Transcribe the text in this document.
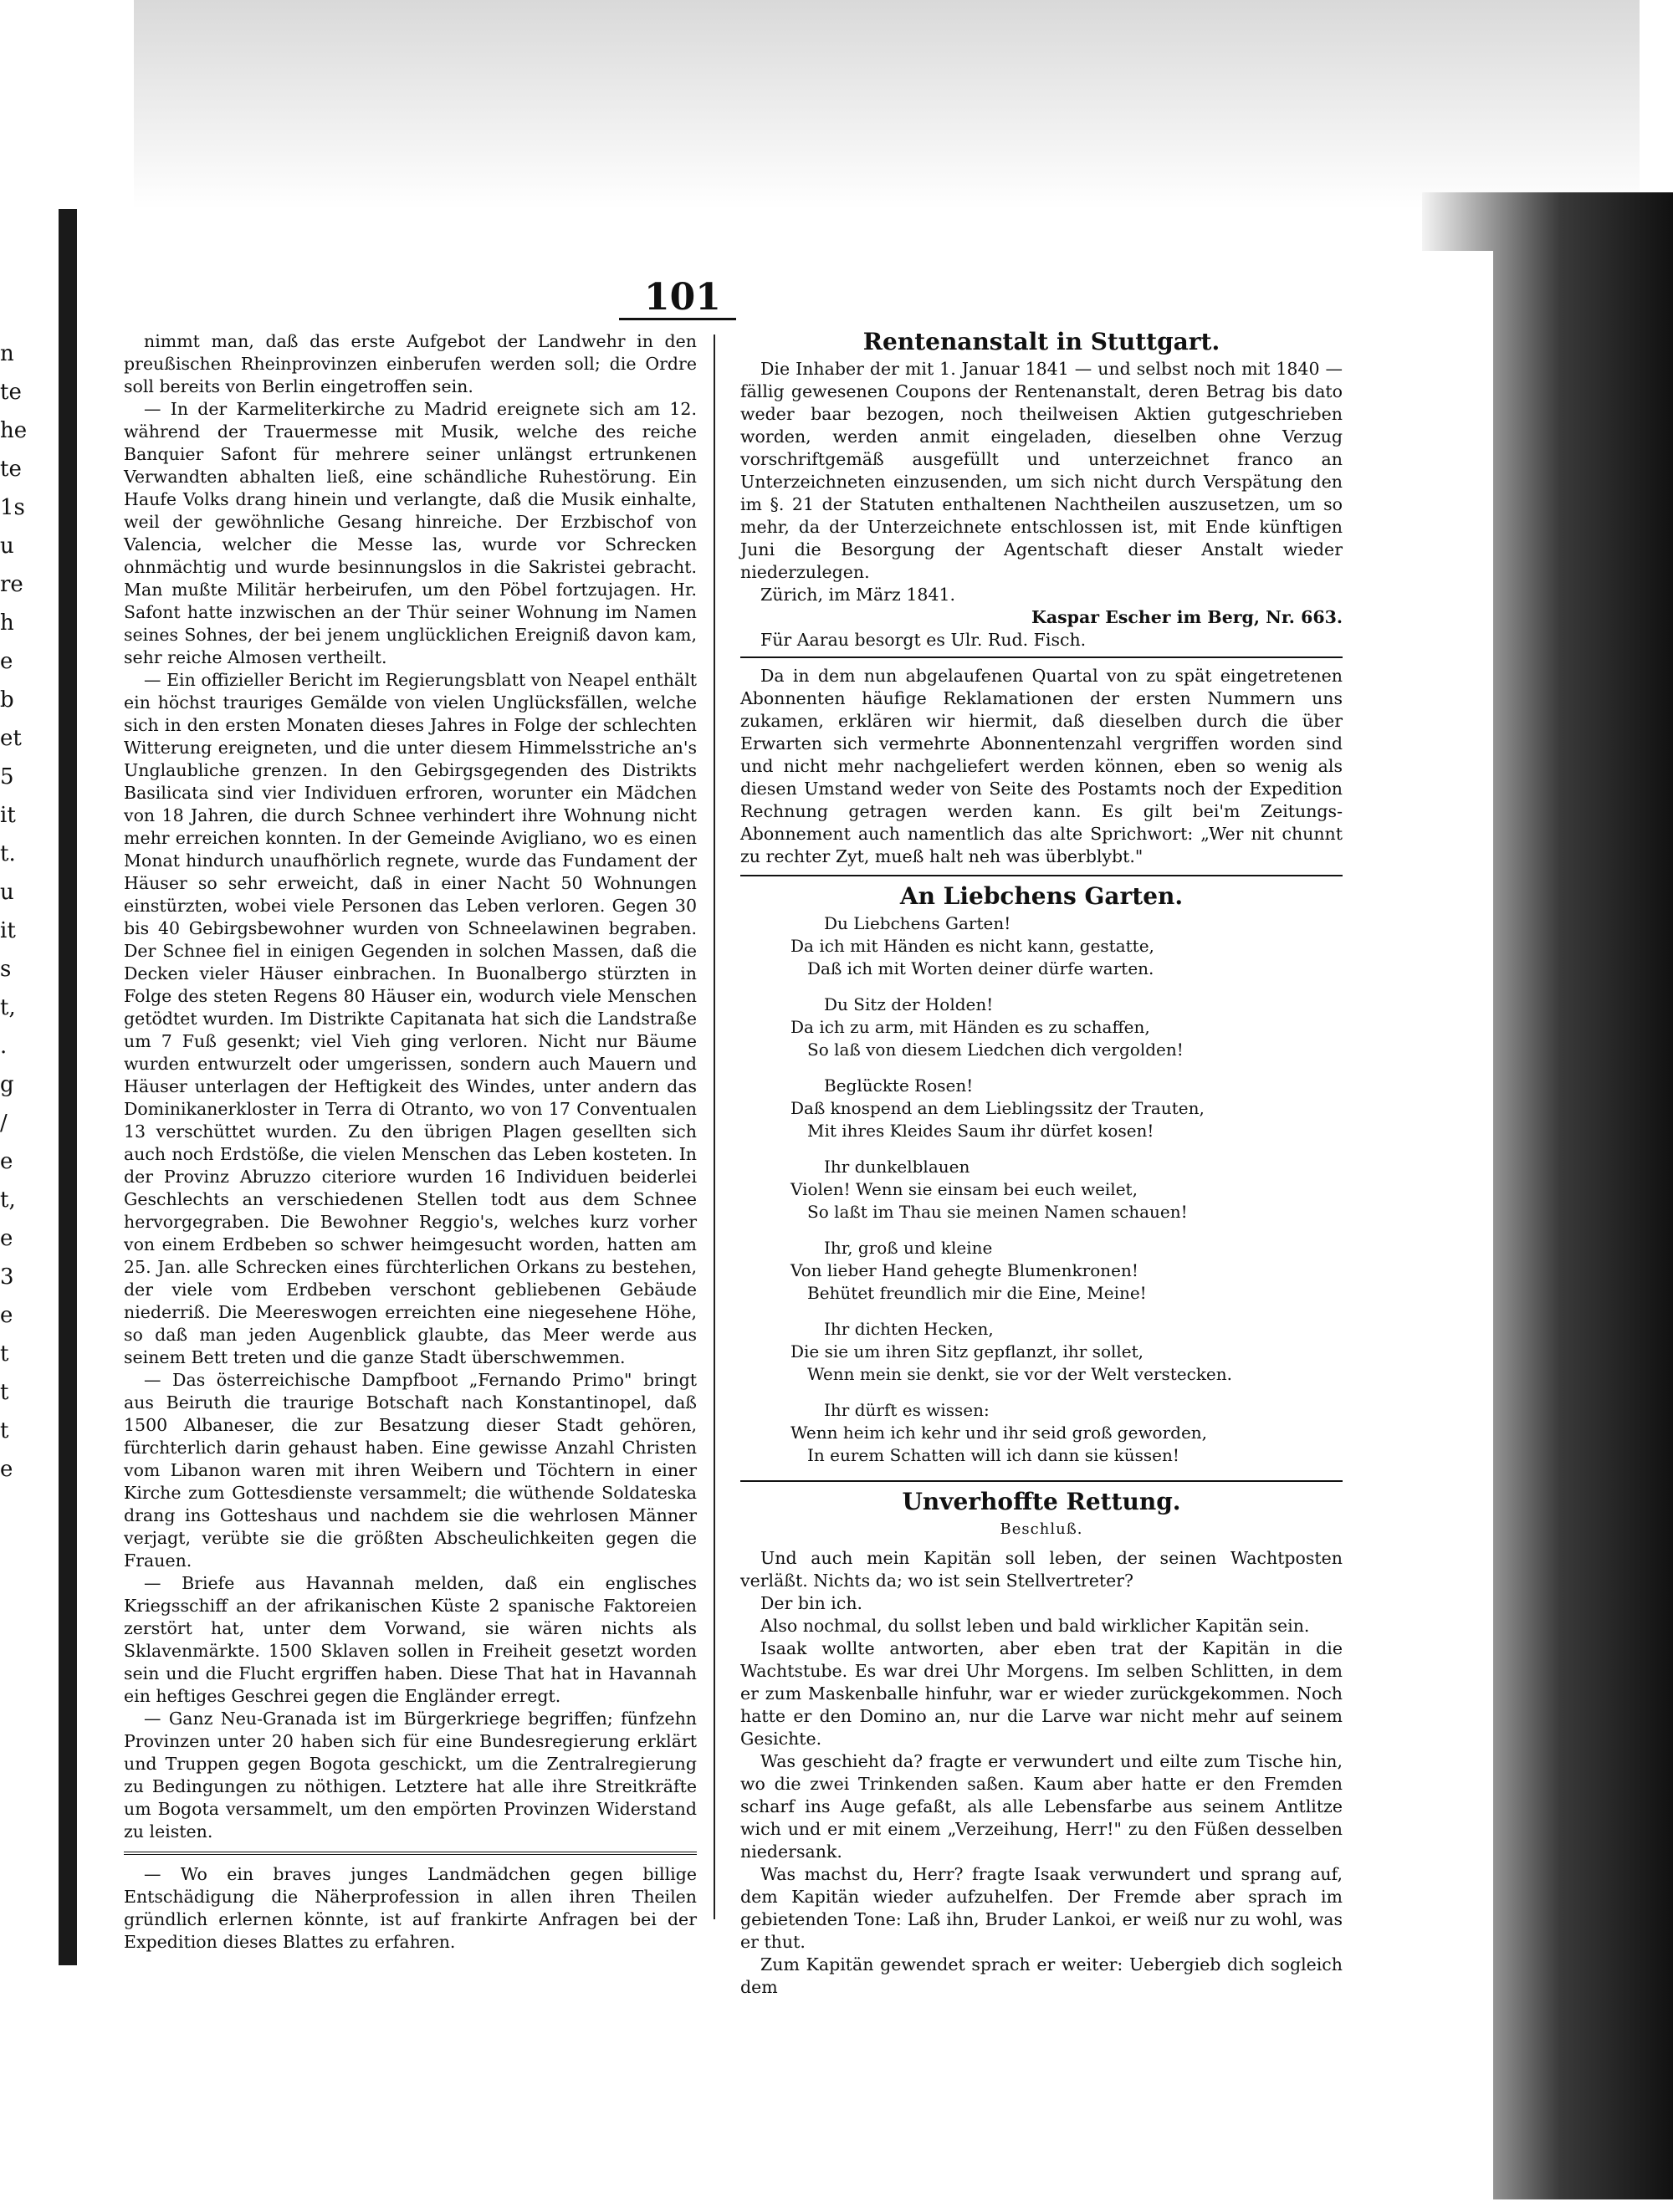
n
te
he
te
1s
u
re
h
e
b
et
5
it
t.
u
it
s
t,
.
g
/
e
t,
e
3
e
t
t
t
e
101

nimmt man, daß das erste Aufgebot der Landwehr in den preußischen Rheinprovinzen einberufen werden soll; die Ordre soll bereits von Berlin eingetroffen sein.

— In der Karmeliterkirche zu Madrid ereignete sich am 12. während der Trauermesse mit Musik, welche des reiche Banquier Safont für mehrere seiner unlängst ertrunkenen Verwandten abhalten ließ, eine schändliche Ruhestörung. Ein Haufe Volks drang hinein und verlangte, daß die Musik einhalte, weil der gewöhnliche Gesang hinreiche. Der Erzbischof von Valencia, welcher die Messe las, wurde vor Schrecken ohnmächtig und wurde besinnungslos in die Sakristei gebracht. Man mußte Militär herbeirufen, um den Pöbel fortzujagen. Hr. Safont hatte inzwischen an der Thür seiner Wohnung im Namen seines Sohnes, der bei jenem unglücklichen Ereigniß davon kam, sehr reiche Almosen vertheilt.

— Ein offizieller Bericht im Regierungsblatt von Neapel enthält ein höchst trauriges Gemälde von vielen Unglücksfällen, welche sich in den ersten Monaten dieses Jahres in Folge der schlechten Witterung ereigneten, und die unter diesem Himmelsstriche an's Unglaubliche grenzen. In den Gebirgsgegenden des Distrikts Basilicata sind vier Individuen erfroren, worunter ein Mädchen von 18 Jahren, die durch Schnee verhindert ihre Wohnung nicht mehr erreichen konnten. In der Gemeinde Avigliano, wo es einen Monat hindurch unaufhörlich regnete, wurde das Fundament der Häuser so sehr erweicht, daß in einer Nacht 50 Wohnungen einstürzten, wobei viele Personen das Leben verloren. Gegen 30 bis 40 Gebirgsbewohner wurden von Schneelawinen begraben. Der Schnee fiel in einigen Gegenden in solchen Massen, daß die Decken vieler Häuser einbrachen. In Buonalbergo stürzten in Folge des steten Regens 80 Häuser ein, wodurch viele Menschen getödtet wurden. Im Distrikte Capitanata hat sich die Landstraße um 7 Fuß gesenkt; viel Vieh ging verloren. Nicht nur Bäume wurden entwurzelt oder umgerissen, sondern auch Mauern und Häuser unterlagen der Heftigkeit des Windes, unter andern das Dominikanerkloster in Terra di Otranto, wo von 17 Conventualen 13 verschüttet wurden. Zu den übrigen Plagen gesellten sich auch noch Erdstöße, die vielen Menschen das Leben kosteten. In der Provinz Abruzzo citeriore wurden 16 Individuen beiderlei Geschlechts an verschiedenen Stellen todt aus dem Schnee hervorgegraben. Die Bewohner Reggio's, welches kurz vorher von einem Erdbeben so schwer heimgesucht worden, hatten am 25. Jan. alle Schrecken eines fürchterlichen Orkans zu bestehen, der viele vom Erdbeben verschont gebliebenen Gebäude niederriß. Die Meereswogen erreichten eine niegesehene Höhe, so daß man jeden Augenblick glaubte, das Meer werde aus seinem Bett treten und die ganze Stadt überschwemmen.

— Das österreichische Dampfboot „Fernando Primo" bringt aus Beiruth die traurige Botschaft nach Konstantinopel, daß 1500 Albaneser, die zur Besatzung dieser Stadt gehören, fürchterlich darin gehaust haben. Eine gewisse Anzahl Christen vom Libanon waren mit ihren Weibern und Töchtern in einer Kirche zum Gottesdienste versammelt; die wüthende Soldateska drang ins Gotteshaus und nachdem sie die wehrlosen Männer verjagt, verübte sie die größten Abscheulichkeiten gegen die Frauen.

— Briefe aus Havannah melden, daß ein englisches Kriegsschiff an der afrikanischen Küste 2 spanische Faktoreien zerstört hat, unter dem Vorwand, sie wären nichts als Sklavenmärkte. 1500 Sklaven sollen in Freiheit gesetzt worden sein und die Flucht ergriffen haben. Diese That hat in Havannah ein heftiges Geschrei gegen die Engländer erregt.

— Ganz Neu-Granada ist im Bürgerkriege begriffen; fünfzehn Provinzen unter 20 haben sich für eine Bundesregierung erklärt und Truppen gegen Bogota geschickt, um die Zentralregierung zu Bedingungen zu nöthigen. Letztere hat alle ihre Streitkräfte um Bogota versammelt, um den empörten Provinzen Widerstand zu leisten.

— Wo ein braves junges Landmädchen gegen billige Entschädigung die Näherprofession in allen ihren Theilen gründlich erlernen könnte, ist auf frankirte Anfragen bei der Expedition dieses Blattes zu erfahren.

Rentenanstalt in Stuttgart.

Die Inhaber der mit 1. Januar 1841 — und selbst noch mit 1840 — fällig gewesenen Coupons der Rentenanstalt, deren Betrag bis dato weder baar bezogen, noch theilweisen Aktien gutgeschrieben worden, werden anmit eingeladen, dieselben ohne Verzug vorschriftgemäß ausgefüllt und unterzeichnet franco an Unterzeichneten einzusenden, um sich nicht durch Verspätung den im §. 21 der Statuten enthaltenen Nachtheilen auszusetzen, um so mehr, da der Unterzeichnete entschlossen ist, mit Ende künftigen Juni die Besorgung der Agentschaft dieser Anstalt wieder niederzulegen.

Zürich, im März 1841.

Kaspar Escher im Berg, Nr. 663.

Für Aarau besorgt es Ulr. Rud. Fisch.

Da in dem nun abgelaufenen Quartal von zu spät eingetretenen Abonnenten häufige Reklamationen der ersten Nummern uns zukamen, erklären wir hiermit, daß dieselben durch die über Erwarten sich vermehrte Abonnentenzahl vergriffen worden sind und nicht mehr nachgeliefert werden können, eben so wenig als diesen Umstand weder von Seite des Postamts noch der Expedition Rechnung getragen werden kann. Es gilt bei'm Zeitungs-Abonnement auch namentlich das alte Sprichwort: „Wer nit chunnt zu rechter Zyt, mueß halt neh was überblybt."

An Liebchens Garten.
Du Liebchens Garten!
Da ich mit Händen es nicht kann, gestatte,
Daß ich mit Worten deiner dürfe warten.
Du Sitz der Holden!
Da ich zu arm, mit Händen es zu schaffen,
So laß von diesem Liedchen dich vergolden!
Beglückte Rosen!
Daß knospend an dem Lieblingssitz der Trauten,
Mit ihres Kleides Saum ihr dürfet kosen!
Ihr dunkelblauen
Violen! Wenn sie einsam bei euch weilet,
So laßt im Thau sie meinen Namen schauen!
Ihr, groß und kleine
Von lieber Hand gehegte Blumenkronen!
Behütet freundlich mir die Eine, Meine!
Ihr dichten Hecken,
Die sie um ihren Sitz gepflanzt, ihr sollet,
Wenn mein sie denkt, sie vor der Welt verstecken.
Ihr dürft es wissen:
Wenn heim ich kehr und ihr seid groß geworden,
In eurem Schatten will ich dann sie küssen!
Unverhoffte Rettung.
Beschluß.

Und auch mein Kapitän soll leben, der seinen Wachtposten verläßt. Nichts da; wo ist sein Stellvertreter?

Der bin ich.

Also nochmal, du sollst leben und bald wirklicher Kapitän sein.

Isaak wollte antworten, aber eben trat der Kapitän in die Wachtstube. Es war drei Uhr Morgens. Im selben Schlitten, in dem er zum Maskenballe hinfuhr, war er wieder zurückgekommen. Noch hatte er den Domino an, nur die Larve war nicht mehr auf seinem Gesichte.

Was geschieht da? fragte er verwundert und eilte zum Tische hin, wo die zwei Trinkenden saßen. Kaum aber hatte er den Fremden scharf ins Auge gefaßt, als alle Lebensfarbe aus seinem Antlitze wich und er mit einem „Verzeihung, Herr!" zu den Füßen desselben niedersank.

Was machst du, Herr? fragte Isaak verwundert und sprang auf, dem Kapitän wieder aufzuhelfen. Der Fremde aber sprach im gebietenden Tone: Laß ihn, Bruder Lankoi, er weiß nur zu wohl, was er thut.

Zum Kapitän gewendet sprach er weiter: Uebergieb dich sogleich dem
